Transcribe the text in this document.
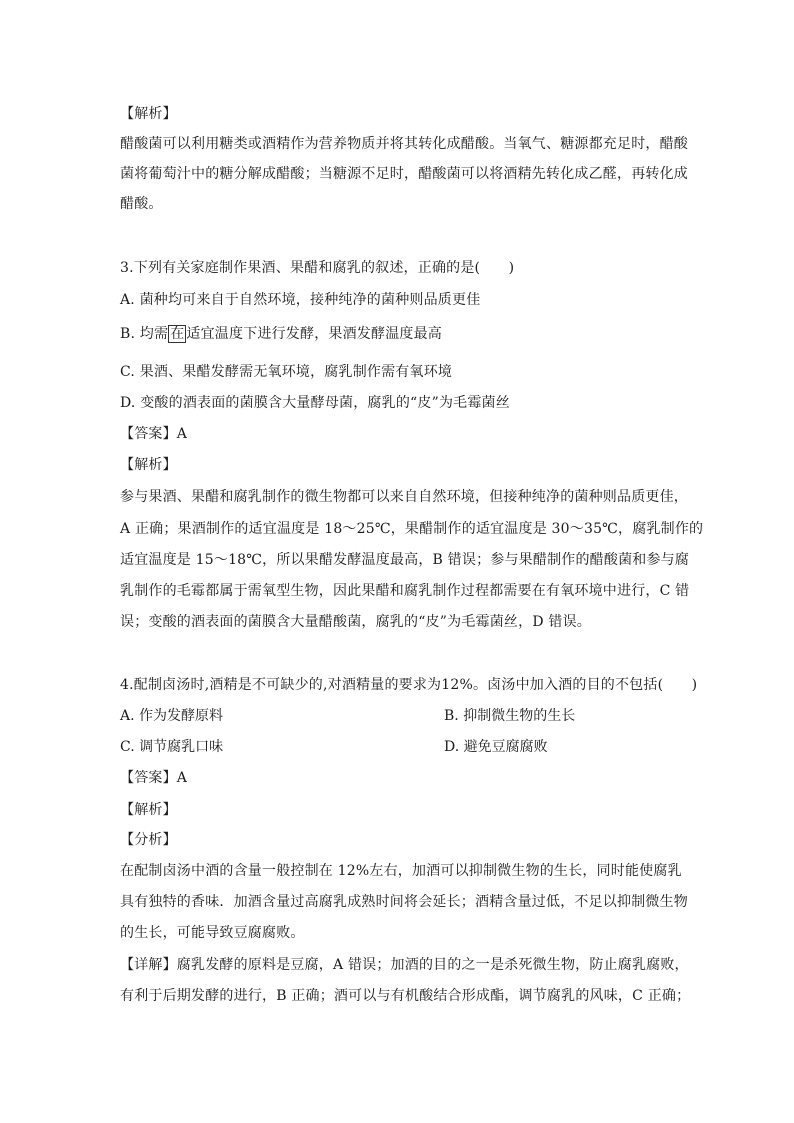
【解析】
醋酸菌可以利用糖类或酒精作为营养物质并将其转化成醋酸。当氧气、糖源都充足时，醋酸
菌将葡萄汁中的糖分解成醋酸；当糖源不足时，醋酸菌可以将酒精先转化成乙醛，再转化成
醋酸。
3.下列有关家庭制作果酒、果醋和腐乳的叙述，正确的是(　　)
A. 菌种均可来自于自然环境，接种纯净的菌种则品质更佳
B. 均需 在 适宜温度下进行发酵，果酒发酵温度最高
C. 果酒、果醋发酵需无氧环境，腐乳制作需有氧环境
D. 变酸的酒表面的菌膜含大量酵母菌，腐乳的“皮”为毛霉菌丝
【答案】A
【解析】
参与果酒、果醋和腐乳制作的微生物都可以来自自然环境，但接种纯净的菌种则品质更佳，
A 正确；果酒制作的适宜温度是 18～25℃，果醋制作的适宜温度是 30～35℃，腐乳制作的
适宜温度是 15～18℃，所以果醋发酵温度最高，B 错误；参与果醋制作的醋酸菌和参与腐
乳制作的毛霉都属于需氧型生物，因此果醋和腐乳制作过程都需要在有氧环境中进行，C 错
误；变酸的酒表面的菌膜含大量醋酸菌，腐乳的“皮”为毛霉菌丝，D 错误。
4.配制卤汤时,酒精是不可缺少的,对酒精量的要求为12%。卤汤中加入酒的目的不包括(　　)
A. 作为发酵原料	B. 抑制微生物的生长
C. 调节腐乳口味	D. 避免豆腐腐败
【答案】A
【解析】
【分析】
在配制卤汤中酒的含量一般控制在 12%左右，加酒可以抑制微生物的生长，同时能使腐乳
具有独特的香味．加酒含量过高腐乳成熟时间将会延长；酒精含量过低，不足以抑制微生物
的生长，可能导致豆腐腐败。
【详解】腐乳发酵的原料是豆腐，A 错误；加酒的目的之一是杀死微生物，防止腐乳腐败，
有利于后期发酵的进行，B 正确；酒可以与有机酸结合形成酯，调节腐乳的风味，C 正确；
